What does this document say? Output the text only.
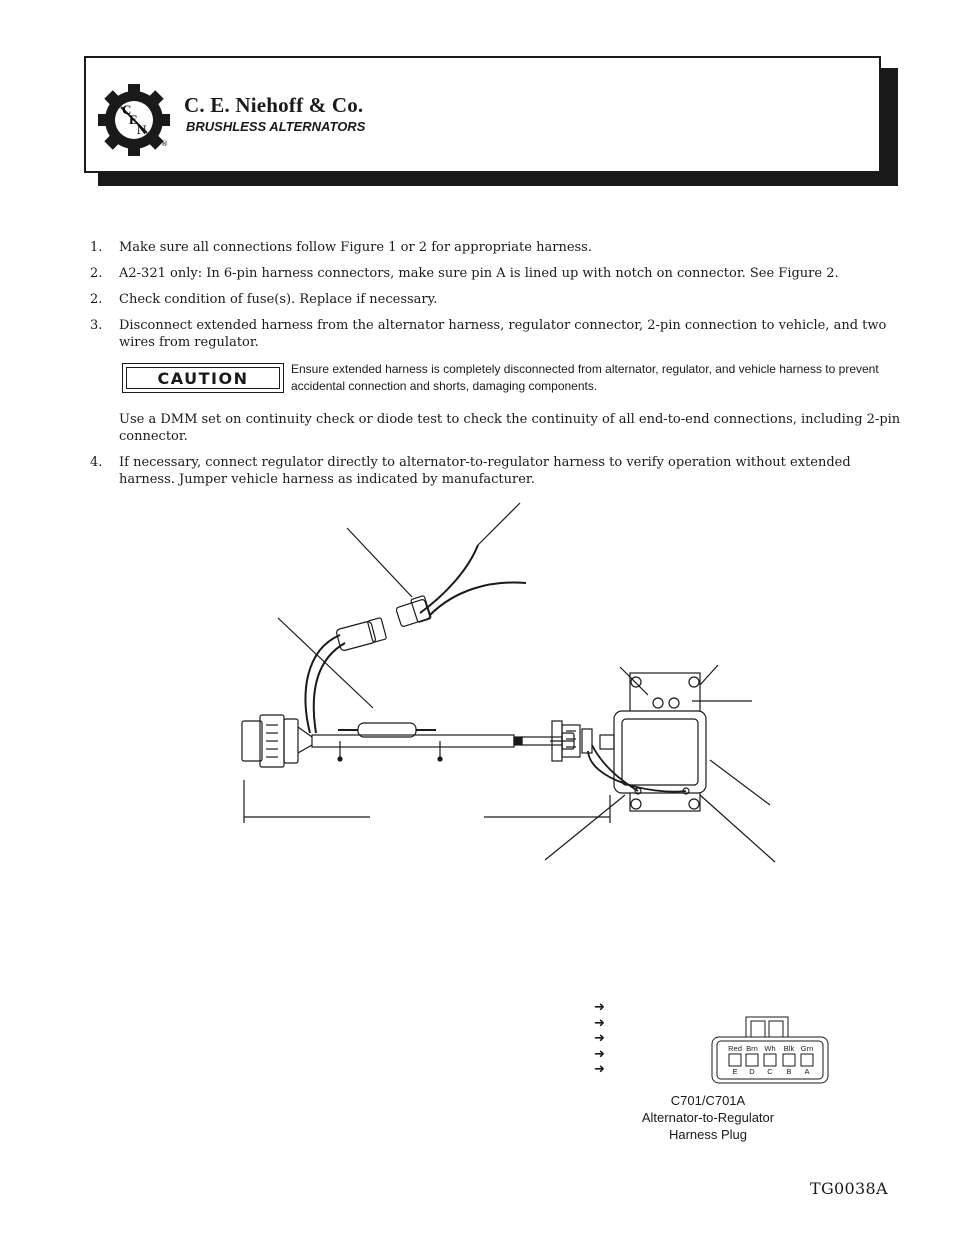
C
E
N
®
C. E. Niehoff & Co.
BRUSHLESS ALTERNATORS
1.	Make sure all connections follow Figure 1 or 2 for appropriate harness.
2.	A2-321 only: In 6-pin harness connectors, make sure pin A is lined up with notch on connector. See Figure 2.
2.	Check condition of fuse(s). Replace if necessary.
3.	Disconnect extended harness from the alternator harness, regulator connector, 2-pin connection to vehicle, and two wires from regulator.
CAUTION	Ensure extended harness is completely disconnected from alternator, regulator, and vehicle harness to prevent accidental connection and shorts, damaging components.
Use a DMM set on continuity check or diode test to check the continuity of all end-to-end connections, including 2-pin connector.
4.	If necessary, connect regulator directly to alternator-to-regulator harness to verify operation without extended harness. Jumper vehicle harness as indicated by manufacturer.
➜
➜
➜
➜
➜
Red Brn Wh Blk Grn
E D C B A
C701/C701A
Alternator-to-Regulator
Harness Plug
TG0038A
